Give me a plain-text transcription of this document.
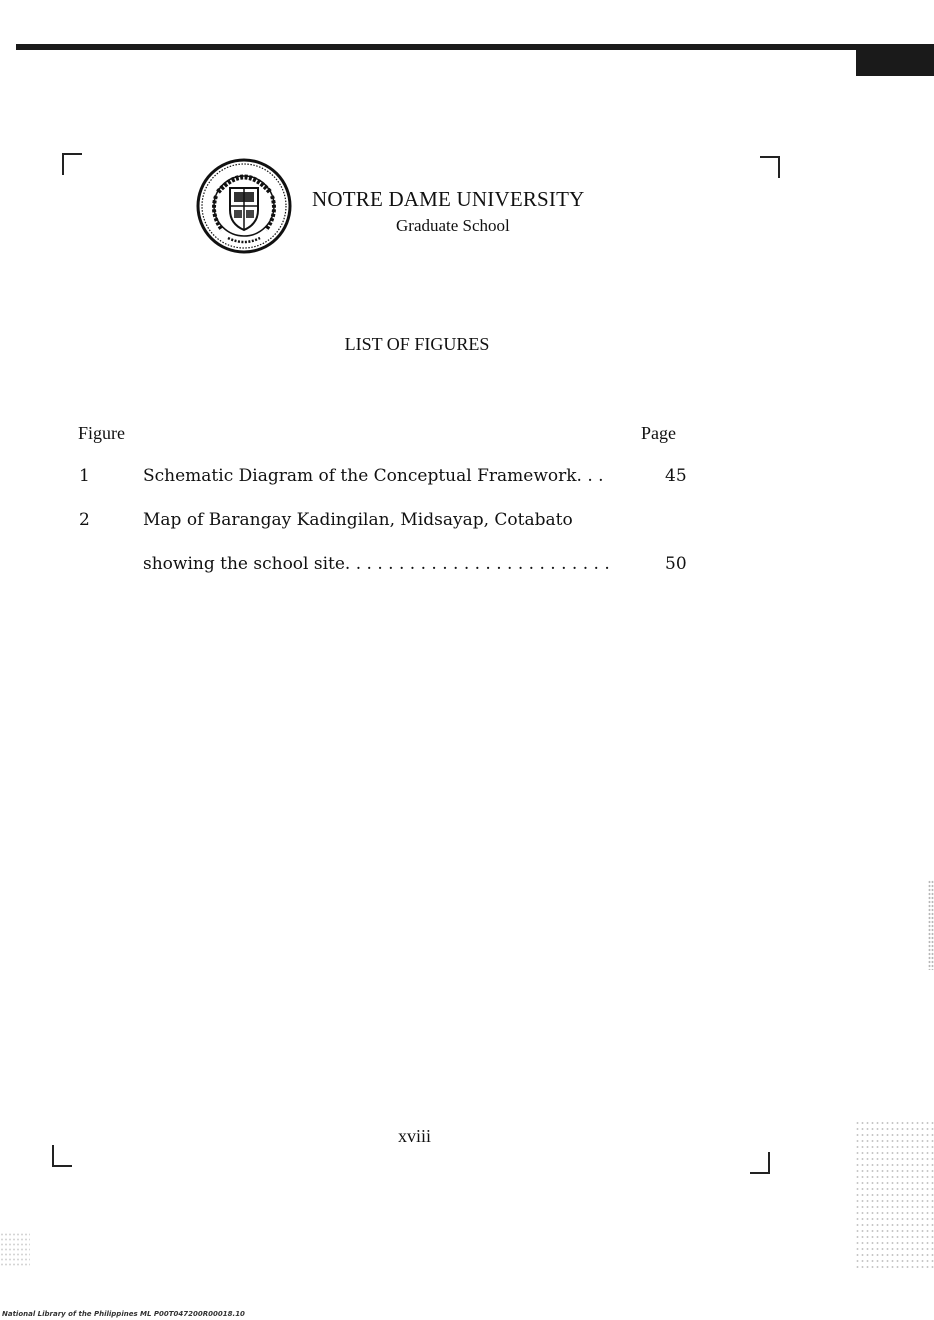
NOTRE DAME UNIVERSITY
Graduate School
LIST OF FIGURES
Figure	Page
1	Schematic Diagram of the Conceptual Framework. . .	45
2	Map of Barangay Kadingilan, Midsayap, Cotabato
showing the school site. . . . . . . . . . . . . . . . . . . . . . . . .	50
xviii
National Library of the Philippines ML P00T047200R00018.10
